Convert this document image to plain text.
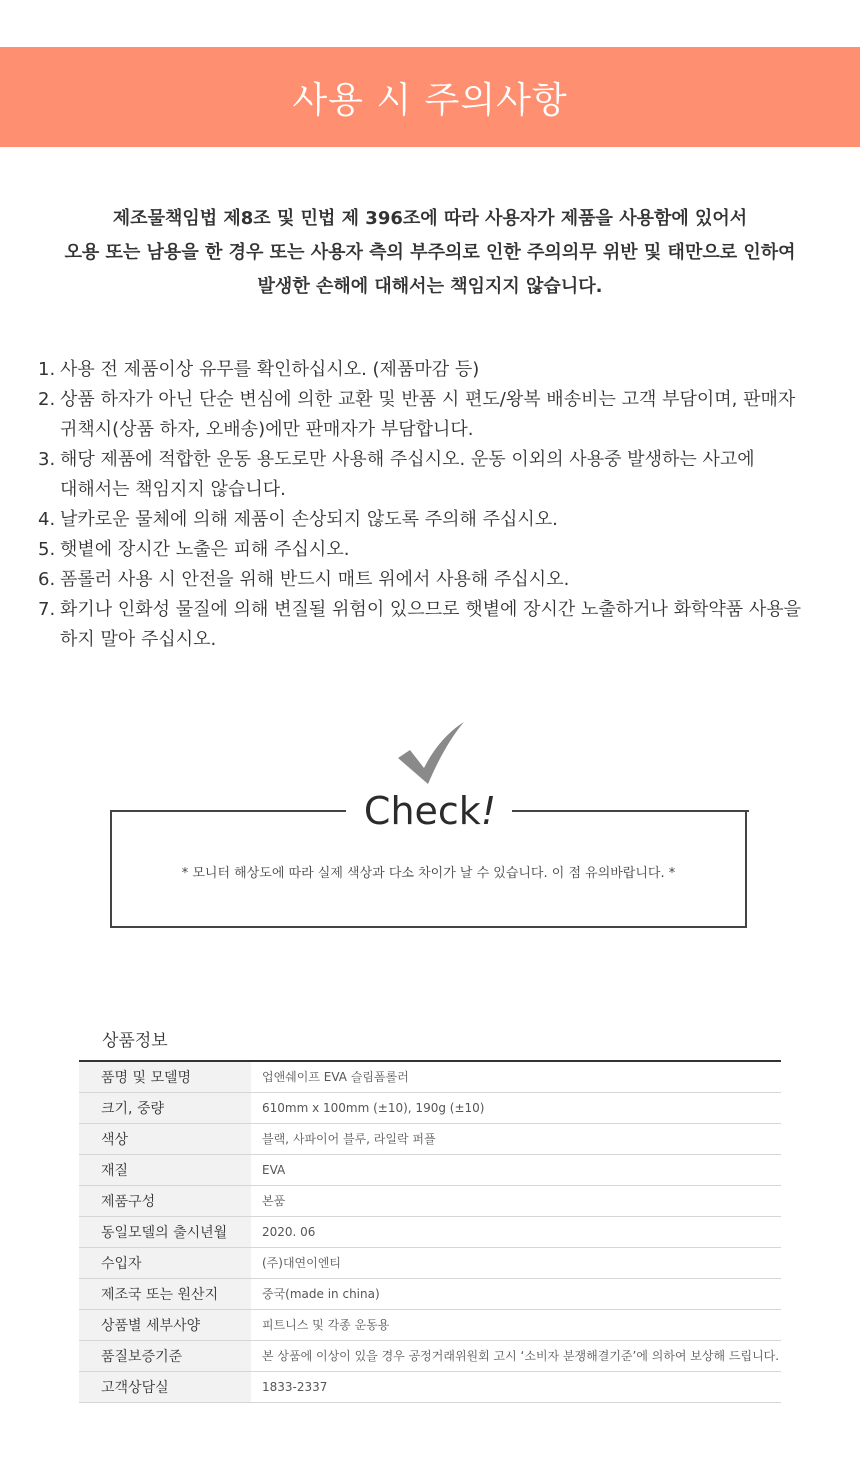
사용 시 주의사항

제조물책임법 제8조 및 민법 제 396조에 따라 사용자가 제품을 사용함에 있어서

오용 또는 남용을 한 경우 또는 사용자 측의 부주의로 인한 주의의무 위반 및 태만으로 인하여

발생한 손해에 대해서는 책임지지 않습니다.

1. 사용 전 제품이상 유무를 확인하십시오. (제품마감 등)
2. 상품 하자가 아닌 단순 변심에 의한 교환 및 반품 시 편도/왕복 배송비는 고객 부담이며, 판매자
귀책시(상품 하자, 오배송)에만 판매자가 부담합니다.
3. 해당 제품에 적합한 운동 용도로만 사용해 주십시오. 운동 이외의 사용중 발생하는 사고에
대해서는 책임지지 않습니다.
4. 날카로운 물체에 의해 제품이 손상되지 않도록 주의해 주십시오.
5. 햇볕에 장시간 노출은 피해 주십시오.
6. 폼롤러 사용 시 안전을 위해 반드시 매트 위에서 사용해 주십시오.
7. 화기나 인화성 물질에 의해 변질될 위험이 있으므로 햇볕에 장시간 노출하거나 화학약품 사용을
하지 말아 주십시오.
Check!
* 모니터 해상도에 따라 실제 색상과 다소 차이가 날 수 있습니다. 이 점 유의바랍니다. *
상품정보
품명 및 모델명	업앤쉐이프 EVA 슬림폼롤러
크기, 중량	610mm x 100mm (±10), 190g (±10)
색상	블랙, 사파이어 블루, 라일락 퍼플
재질	EVA
제품구성	본품
동일모델의 출시년월	2020. 06
수입자	(주)대연이엔티
제조국 또는 원산지	중국(made in china)
상품별 세부사양	피트니스 및 각종 운동용
품질보증기준	본 상품에 이상이 있을 경우 공정거래위원회 고시 ‘소비자 분쟁해결기준’에 의하여 보상해 드립니다.
고객상담실	1833-2337
